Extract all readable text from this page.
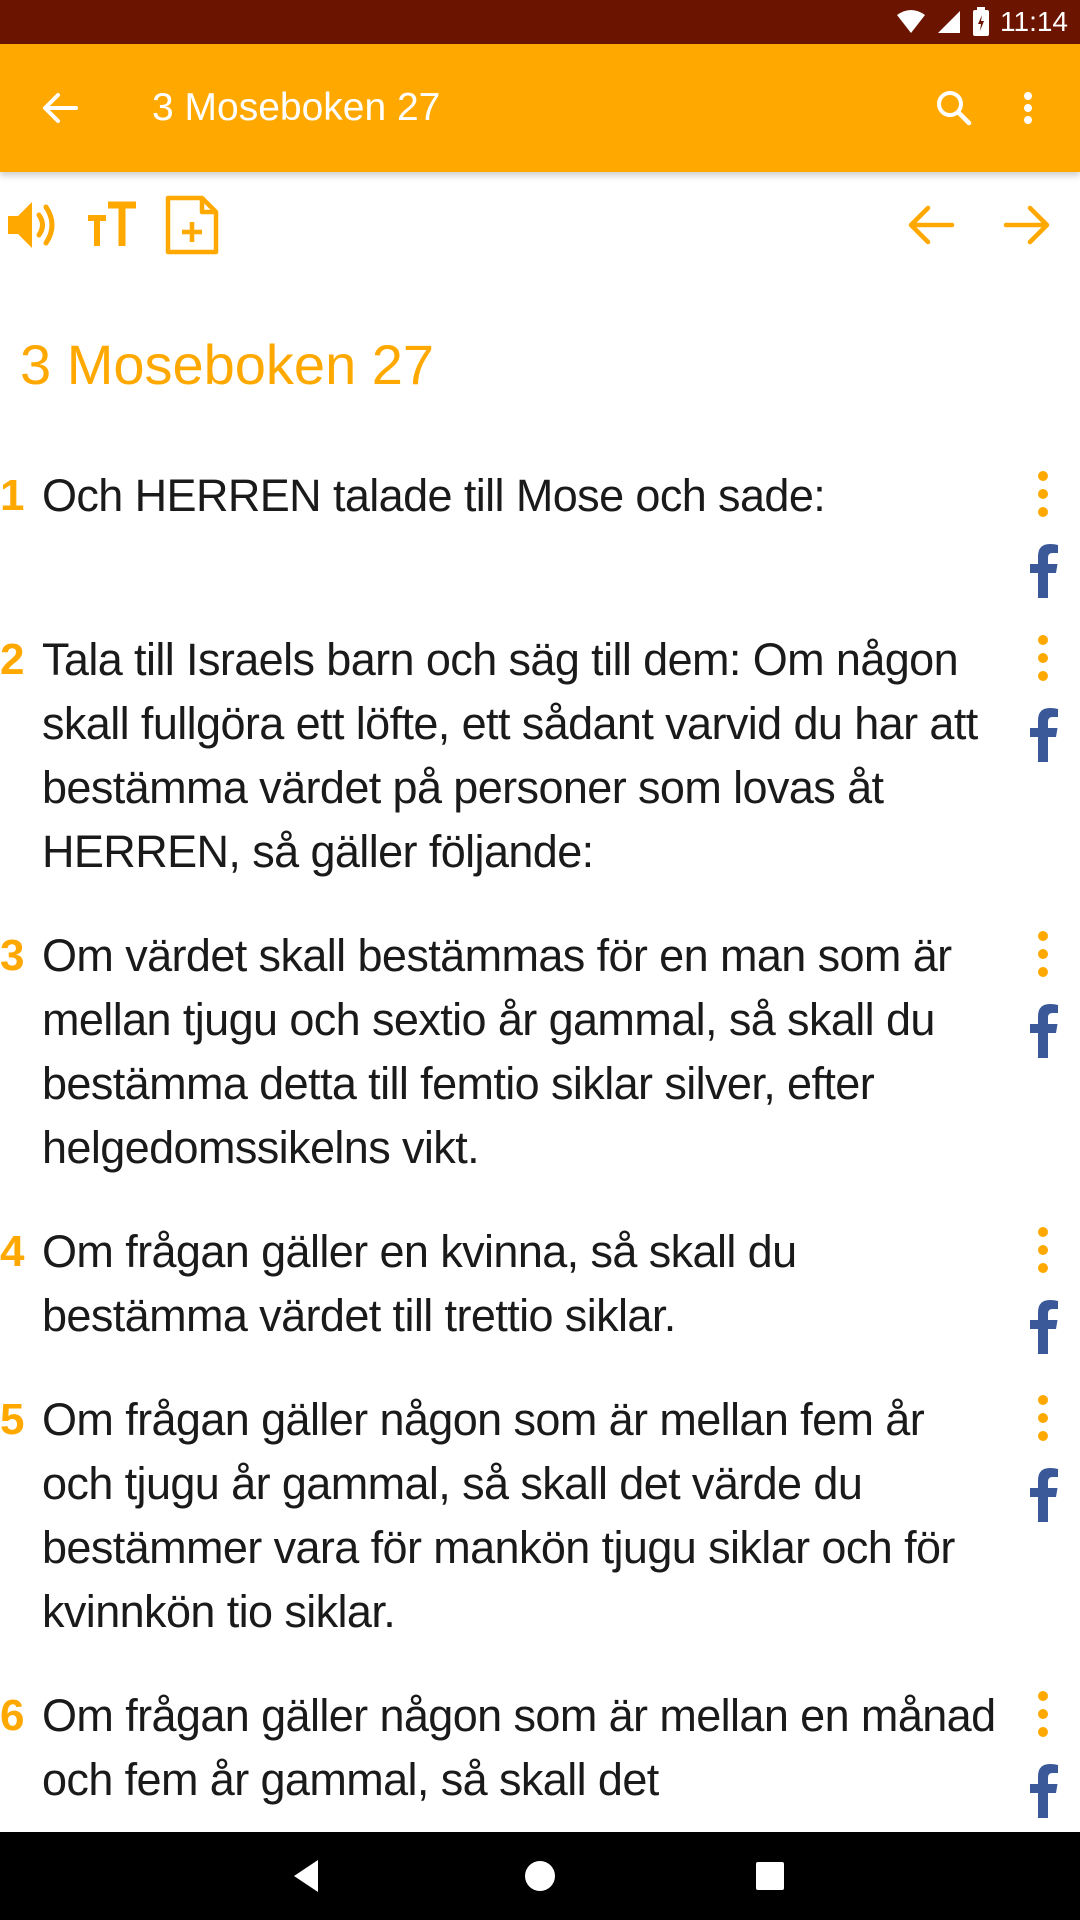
11:14
3 Moseboken 27
3 Moseboken 27
1 Och HERREN talade till Mose och sade:
2 Tala till Israels barn och säg till dem: Om någon skall fullgöra ett löfte, ett sådant varvid du har att bestämma värdet på personer som lovas åt HERREN, så gäller följande:
3 Om värdet skall bestämmas för en man som är mellan tjugu och sextio år gammal, så skall du bestämma detta till femtio siklar silver, efter helgedomssikelns vikt.
4 Om frågan gäller en kvinna, så skall du bestämma värdet till trettio siklar.
5 Om frågan gäller någon som är mellan fem år och tjugu år gammal, så skall det värde du bestämmer vara för mankön tjugu siklar och för kvinnkön tio siklar.
6 Om frågan gäller någon som är mellan en månad och fem år gammal, så skall det
